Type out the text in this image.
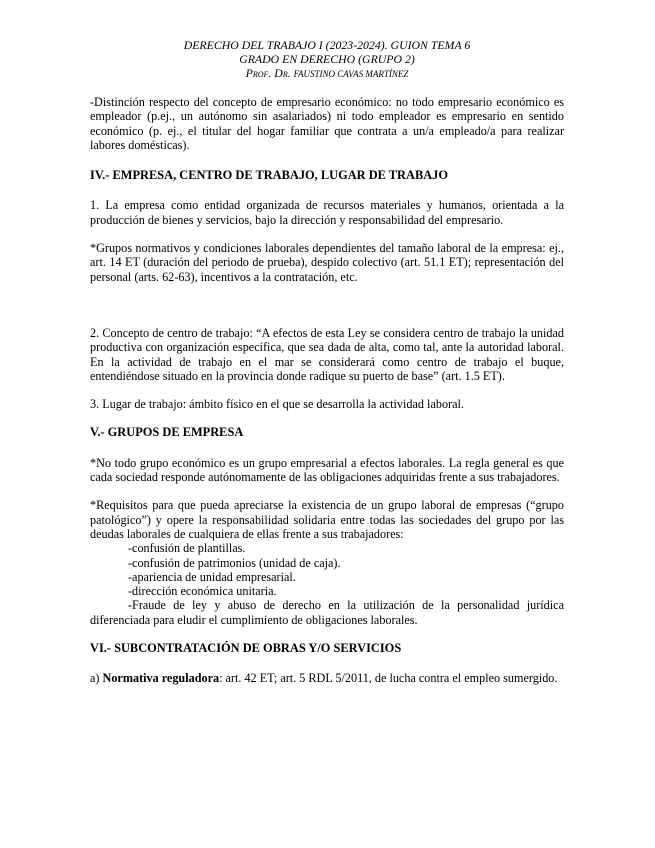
DERECHO DEL TRABAJO I (2023-2024). GUION TEMA 6
GRADO EN DERECHO (GRUPO 2)
Prof. Dr. FAUSTINO CAVAS MARTÍNEZ

-Distinción respecto del concepto de empresario económico: no todo empresario económico es empleador (p.ej., un autónomo sin asalariados) ni todo empleador es empresario en sentido económico (p. ej., el titular del hogar familiar que contrata a un/a empleado/a para realizar labores domésticas).

IV.- EMPRESA, CENTRO DE TRABAJO, LUGAR DE TRABAJO

1. La empresa como entidad organizada de recursos materiales y humanos, orientada a la producción de bienes y servicios, bajo la dirección y responsabilidad del empresario.

*Grupos normativos y condiciones laborales dependientes del tamaño laboral de la empresa: ej., art. 14 ET (duración del periodo de prueba), despido colectivo (art. 51.1 ET); representación del personal (arts. 62-63), incentivos a la contratación, etc.

2. Concepto de centro de trabajo: “A efectos de esta Ley se considera centro de trabajo la unidad productiva con organización específica, que sea dada de alta, como tal, ante la autoridad laboral. En la actividad de trabajo en el mar se considerará como centro de trabajo el buque, entendiéndose situado en la provincia donde radique su puerto de base” (art. 1.5 ET).

3. Lugar de trabajo: ámbito físico en el que se desarrolla la actividad laboral.

V.- GRUPOS DE EMPRESA

*No todo grupo económico es un grupo empresarial a efectos laborales. La regla general es que cada sociedad responde autónomamente de las obligaciones adquiridas frente a sus trabajadores.

*Requisitos para que pueda apreciarse la existencia de un grupo laboral de empresas (“grupo patológico”) y opere la responsabilidad solidaria entre todas las sociedades del grupo por las deudas laborales de cualquiera de ellas frente a sus trabajadores:

-confusión de plantillas.
-confusión de patrimonios (unidad de caja).
-apariencia de unidad empresarial.
-dirección económica unitaria.

-Fraude de ley y abuso de derecho en la utilización de la personalidad jurídica diferenciada para eludir el cumplimiento de obligaciones laborales.

VI.- SUBCONTRATACIÓN DE OBRAS Y/O SERVICIOS

a) Normativa reguladora: art. 42 ET; art. 5 RDL 5/2011, de lucha contra el empleo sumergido.
